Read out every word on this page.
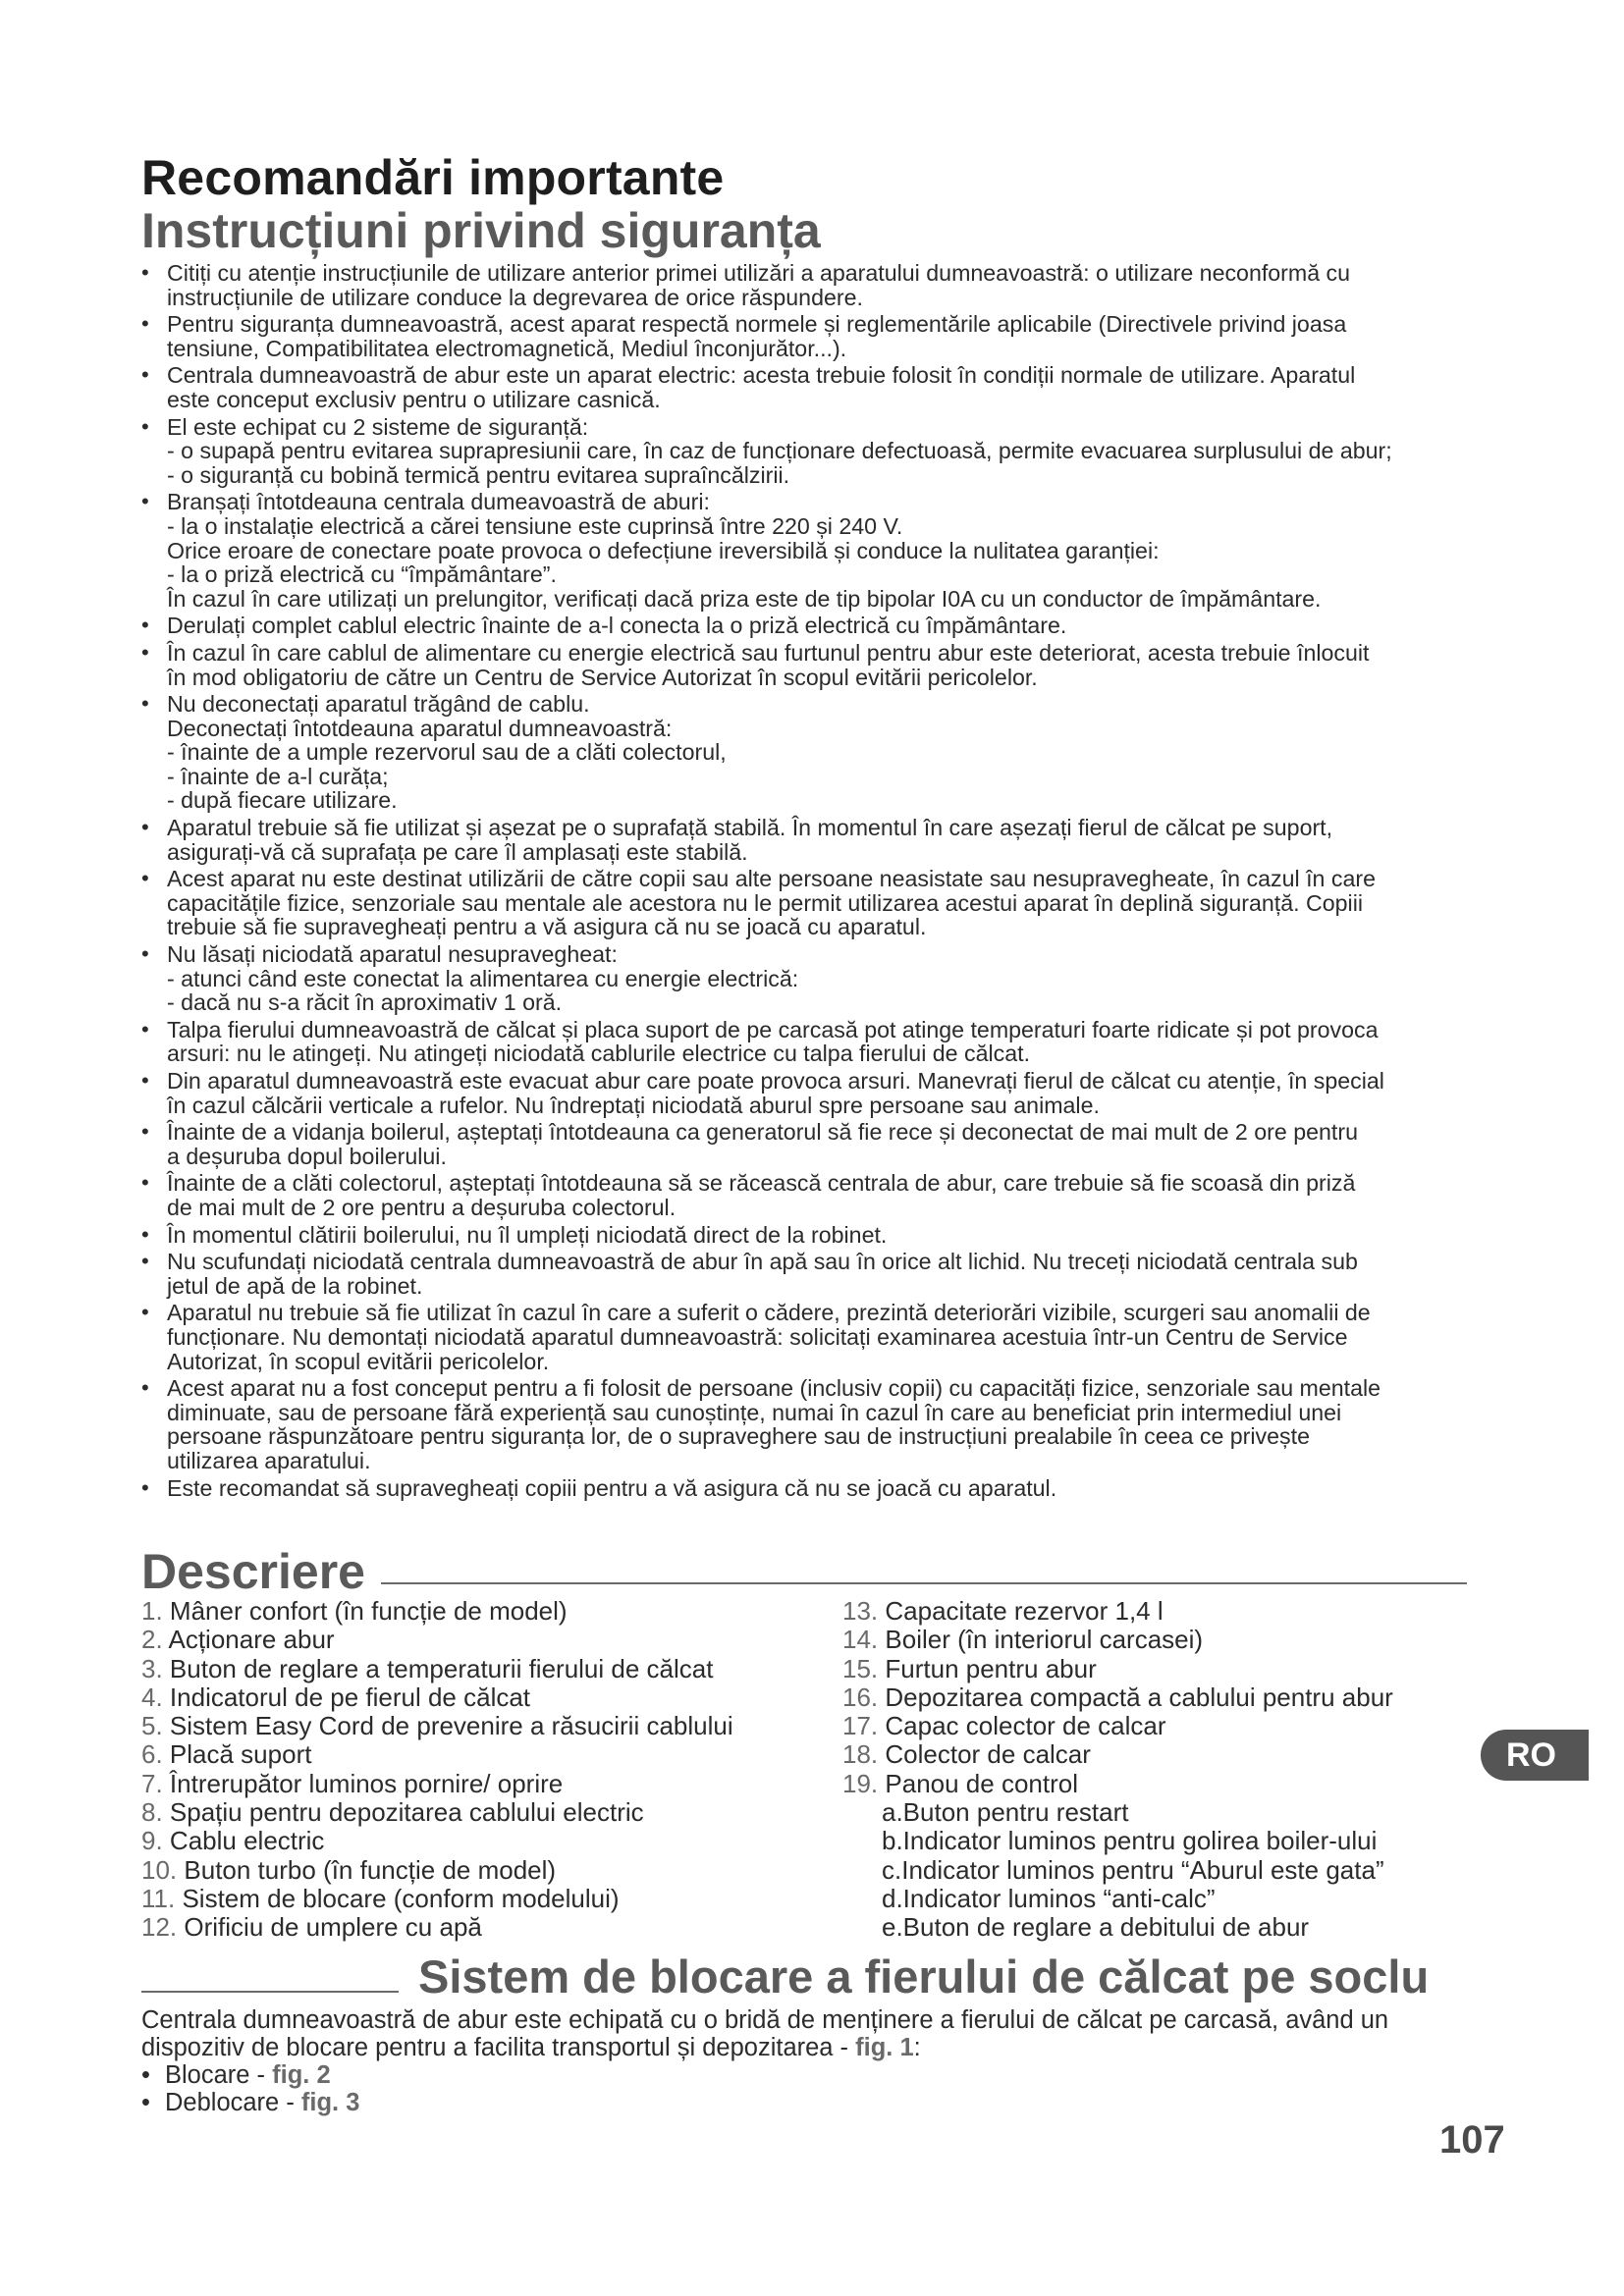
Recomandări importante
Instrucțiuni privind siguranța
• Citiți cu atenție instrucțiunile de utilizare anterior primei utilizări a aparatului dumneavoastră: o utilizare neconformă cu
instrucțiunile de utilizare conduce la degrevarea de orice răspundere.
• Pentru siguranța dumneavoastră, acest aparat respectă normele și reglementările aplicabile (Directivele privind joasa
tensiune, Compatibilitatea electromagnetică, Mediul înconjurător...).
• Centrala dumneavoastră de abur este un aparat electric: acesta trebuie folosit în condiții normale de utilizare. Aparatul
este conceput exclusiv pentru o utilizare casnică.
• El este echipat cu 2 sisteme de siguranță:
- o supapă pentru evitarea suprapresiunii care, în caz de funcționare defectuoasă, permite evacuarea surplusului de abur;
- o siguranță cu bobină termică pentru evitarea supraîncălzirii.
• Branșați întotdeauna centrala dumeavoastră de aburi:
- la o instalație electrică a cărei tensiune este cuprinsă între 220 și 240 V.
Orice eroare de conectare poate provoca o defecțiune ireversibilă și conduce la nulitatea garanției:
- la o priză electrică cu “împământare”.
În cazul în care utilizați un prelungitor, verificați dacă priza este de tip bipolar I0A cu un conductor de împământare.
• Derulați complet cablul electric înainte de a-l conecta la o priză electrică cu împământare.
• În cazul în care cablul de alimentare cu energie electrică sau furtunul pentru abur este deteriorat, acesta trebuie înlocuit
în mod obligatoriu de către un Centru de Service Autorizat în scopul evitării pericolelor.
• Nu deconectați aparatul trăgând de cablu.
Deconectați întotdeauna aparatul dumneavoastră:
- înainte de a umple rezervorul sau de a clăti colectorul,
- înainte de a-l curăța;
- după fiecare utilizare.
• Aparatul trebuie să fie utilizat și așezat pe o suprafață stabilă. În momentul în care așezați fierul de călcat pe suport,
asigurați-vă că suprafața pe care îl amplasați este stabilă.
• Acest aparat nu este destinat utilizării de către copii sau alte persoane neasistate sau nesupravegheate, în cazul în care
capacitățile fizice, senzoriale sau mentale ale acestora nu le permit utilizarea acestui aparat în deplină siguranță. Copiii
trebuie să fie supravegheați pentru a vă asigura că nu se joacă cu aparatul.
• Nu lăsați niciodată aparatul nesupravegheat:
- atunci când este conectat la alimentarea cu energie electrică:
- dacă nu s-a răcit în aproximativ 1 oră.
• Talpa fierului dumneavoastră de călcat și placa suport de pe carcasă pot atinge temperaturi foarte ridicate și pot provoca
arsuri: nu le atingeți. Nu atingeți niciodată cablurile electrice cu talpa fierului de călcat.
• Din aparatul dumneavoastră este evacuat abur care poate provoca arsuri. Manevrați fierul de călcat cu atenție, în special
în cazul călcării verticale a rufelor. Nu îndreptați niciodată aburul spre persoane sau animale.
• Înainte de a vidanja boilerul, așteptați întotdeauna ca generatorul să fie rece și deconectat de mai mult de 2 ore pentru
a deșuruba dopul boilerului.
• Înainte de a clăti colectorul, așteptați întotdeauna să se răcească centrala de abur, care trebuie să fie scoasă din priză
de mai mult de 2 ore pentru a deșuruba colectorul.
• În momentul clătirii boilerului, nu îl umpleți niciodată direct de la robinet.
• Nu scufundați niciodată centrala dumneavoastră de abur în apă sau în orice alt lichid. Nu treceți niciodată centrala sub
jetul de apă de la robinet.
• Aparatul nu trebuie să fie utilizat în cazul în care a suferit o cădere, prezintă deteriorări vizibile, scurgeri sau anomalii de
funcționare. Nu demontați niciodată aparatul dumneavoastră: solicitați examinarea acestuia într-un Centru de Service
Autorizat, în scopul evitării pericolelor.
• Acest aparat nu a fost conceput pentru a fi folosit de persoane (inclusiv copii) cu capacități fizice, senzoriale sau mentale
diminuate, sau de persoane fără experiență sau cunoștințe, numai în cazul în care au beneficiat prin intermediul unei
persoane răspunzătoare pentru siguranța lor, de o supraveghere sau de instrucțiuni prealabile în ceea ce privește
utilizarea aparatului.
• Este recomandat să supravegheați copiii pentru a vă asigura că nu se joacă cu aparatul.
Descriere
1. Mâner confort (în funcție de model)
2. Acționare abur
3. Buton de reglare a temperaturii fierului de călcat
4. Indicatorul de pe fierul de călcat
5. Sistem Easy Cord de prevenire a răsucirii cablului
6. Placă suport
7. Întrerupător luminos pornire/ oprire
8. Spațiu pentru depozitarea cablului electric
9. Cablu electric
10. Buton turbo (în funcție de model)
11. Sistem de blocare (conform modelului)
12. Orificiu de umplere cu apă
13. Capacitate rezervor 1,4 l
14. Boiler (în interiorul carcasei)
15. Furtun pentru abur
16. Depozitarea compactă a cablului pentru abur
17. Capac colector de calcar
18. Colector de calcar
19. Panou de control
a.Buton pentru restart
b.Indicator luminos pentru golirea boiler-ului
c.Indicator luminos pentru “Aburul este gata”
d.Indicator luminos “anti-calc”
e.Buton de reglare a debitului de abur
RO
Sistem de blocare a fierului de călcat pe soclu

Centrala dumneavoastră de abur este echipată cu o bridă de menținere a fierului de călcat pe carcasă, având un
dispozitiv de blocare pentru a facilita transportul și depozitarea - fig. 1:

• Blocare - fig. 2
• Deblocare - fig. 3
107
